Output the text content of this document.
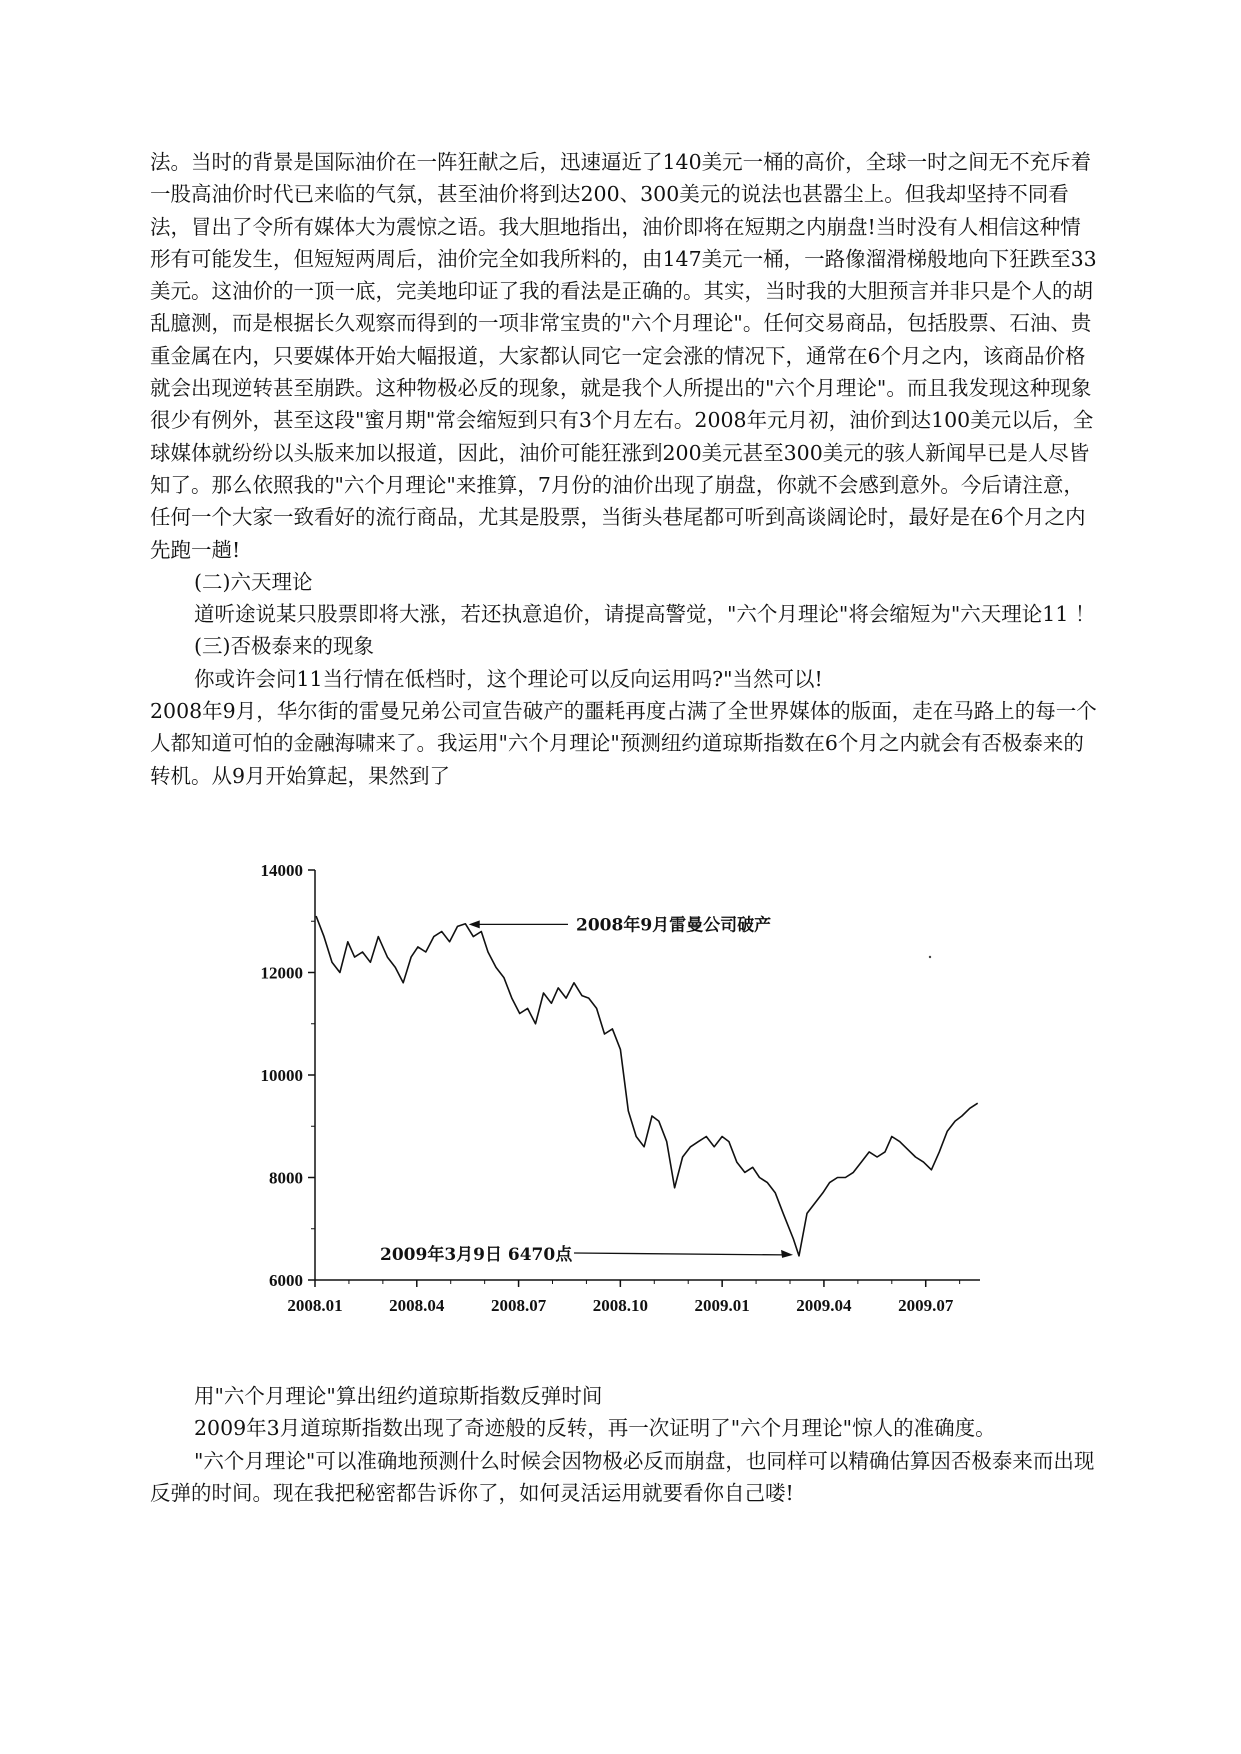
法。当时的背景是国际油价在一阵狂献之后，迅速逼近了140美元一桶的高价，全球一时之间无不充斥着一股高油价时代已来临的气氛，甚至油价将到达200、300美元的说法也甚嚣尘上。但我却坚持不同看法，冒出了令所有媒体大为震惊之语。我大胆地指出，油价即将在短期之内崩盘!当时没有人相信这种情形有可能发生，但短短两周后，油价完全如我所料的，由147美元一桶，一路像溜滑梯般地向下狂跌至33美元。这油价的一顶一底，完美地印证了我的看法是正确的。其实，当时我的大胆预言并非只是个人的胡乱臆测，而是根据长久观察而得到的一项非常宝贵的"六个月理论"。任何交易商品，包括股票、石油、贵重金属在内，只要媒体开始大幅报道，大家都认同它一定会涨的情况下，通常在6个月之内，该商品价格就会出现逆转甚至崩跌。这种物极必反的现象，就是我个人所提出的"六个月理论"。而且我发现这种现象很少有例外，甚至这段"蜜月期"常会缩短到只有3个月左右。2008年元月初，油价到达100美元以后，全球媒体就纷纷以头版来加以报道，因此，油价可能狂涨到200美元甚至300美元的骇人新闻早已是人尽皆知了。那么依照我的"六个月理论"来推算，7月份的油价出现了崩盘，你就不会感到意外。今后请注意，任何一个大家一致看好的流行商品，尤其是股票，当街头巷尾都可听到高谈阔论时，最好是在6个月之内先跑一趟!

(二)六天理论

道听途说某只股票即将大涨，若还执意追价，请提高警觉，"六个月理论"将会缩短为"六天理论11 ！

(三)否极泰来的现象

你或许会问11当行情在低档时，这个理论可以反向运用吗?"当然可以!

2008年9月，华尔街的雷曼兄弟公司宣告破产的噩耗再度占满了全世界媒体的版面，走在马路上的每一个人都知道可怕的金融海啸来了。我运用"六个月理论"预测纽约道琼斯指数在6个月之内就会有否极泰来的转机。从9月开始算起，果然到了

14000
12000
10000
8000
6000
2008.01	2008.04	2008.07	2008.10	2009.01	2009.04	2009.07
2008年9月雷曼公司破产
2009年3月9日 6470点

用"六个月理论"算出纽约道琼斯指数反弹时间

2009年3月道琼斯指数出现了奇迹般的反转，再一次证明了"六个月理论"惊人的准确度。

"六个月理论"可以准确地预测什么时候会因物极必反而崩盘，也同样可以精确估算因否极泰来而出现反弹的时间。现在我把秘密都告诉你了，如何灵活运用就要看你自己喽!
